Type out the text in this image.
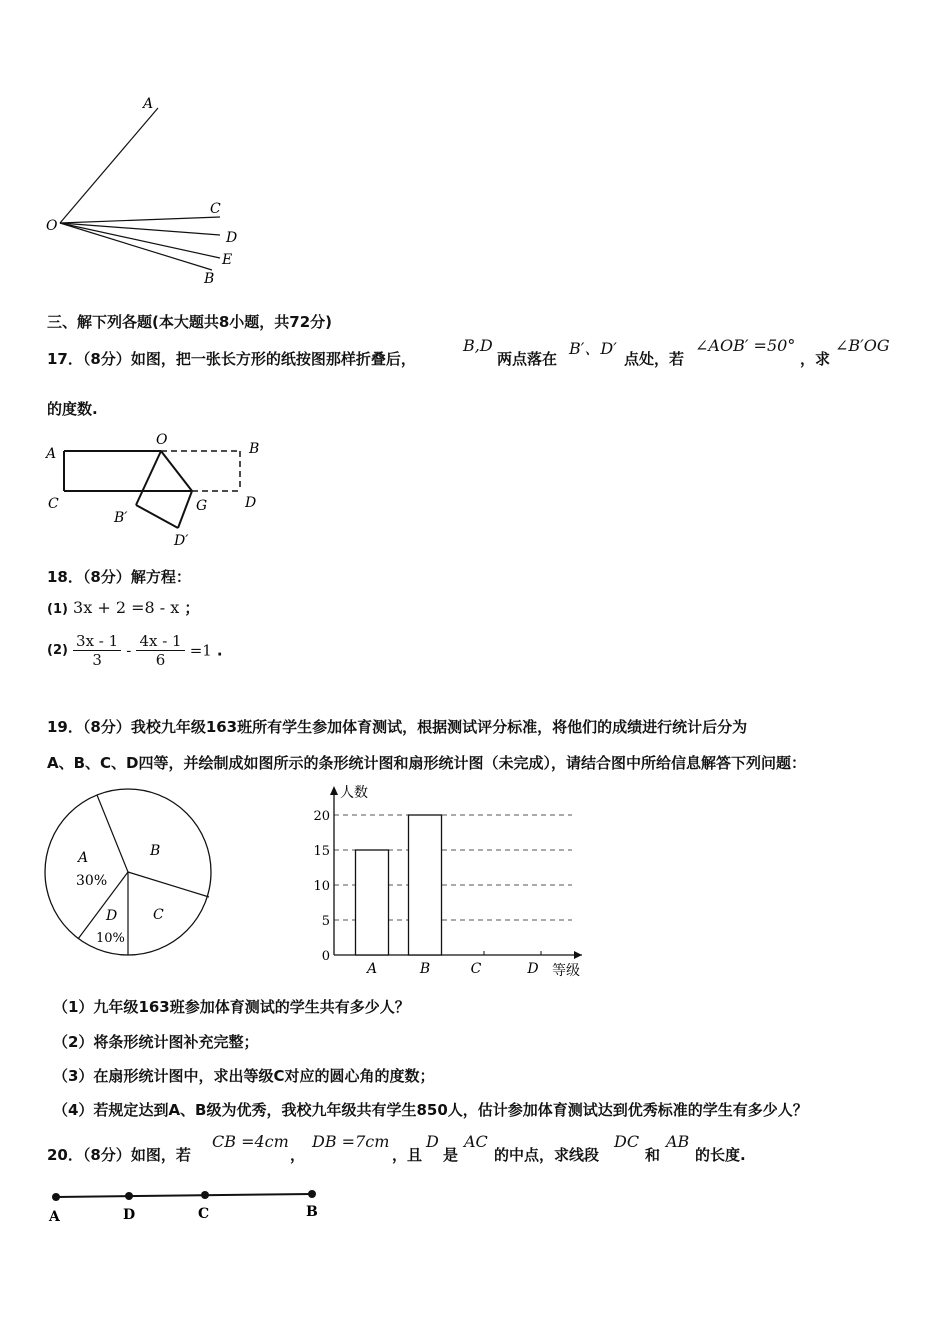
A
O
C
D
E
B
三、解下列各题(本大题共8小题，共72分)
17．（8分）如图，把一张长方形的纸按图那样折叠后，
B,D
两点落在
B′、D′
点处，若
∠AOB′ =50°
，求
∠B′OG
的度数.
A
O
B
C	G	D
B′
D′
18．（8分）解方程：
(1) 3x + 2 =8 - x ；
$(2) \frac{3x - 1}{3} - \frac{4x - 1}{6} =1$ .
19．（8分）我校九年级163班所有学生参加体育测试，根据测试评分标准，将他们的成绩进行统计后分为
A、B、C、D四等，并绘制成如图所示的条形统计图和扇形统计图（未完成），请结合图中所给信息解答下列问题：
A
30%
B
C
D
10%
0
5
10
15
20
人数
等级
A	B	C	D
（1）九年级163班参加体育测试的学生共有多少人？
（2）将条形统计图补充完整；
（3）在扇形统计图中，求出等级C对应的圆心角的度数；
（4）若规定达到A、B级为优秀，我校九年级共有学生850人，估计参加体育测试达到优秀标准的学生有多少人？
20．（8分）如图，若
CB =4cm
，
DB =7cm
，且
D
是
AC
的中点，求线段
DC
和
AB
的长度.
A	D	C	B
